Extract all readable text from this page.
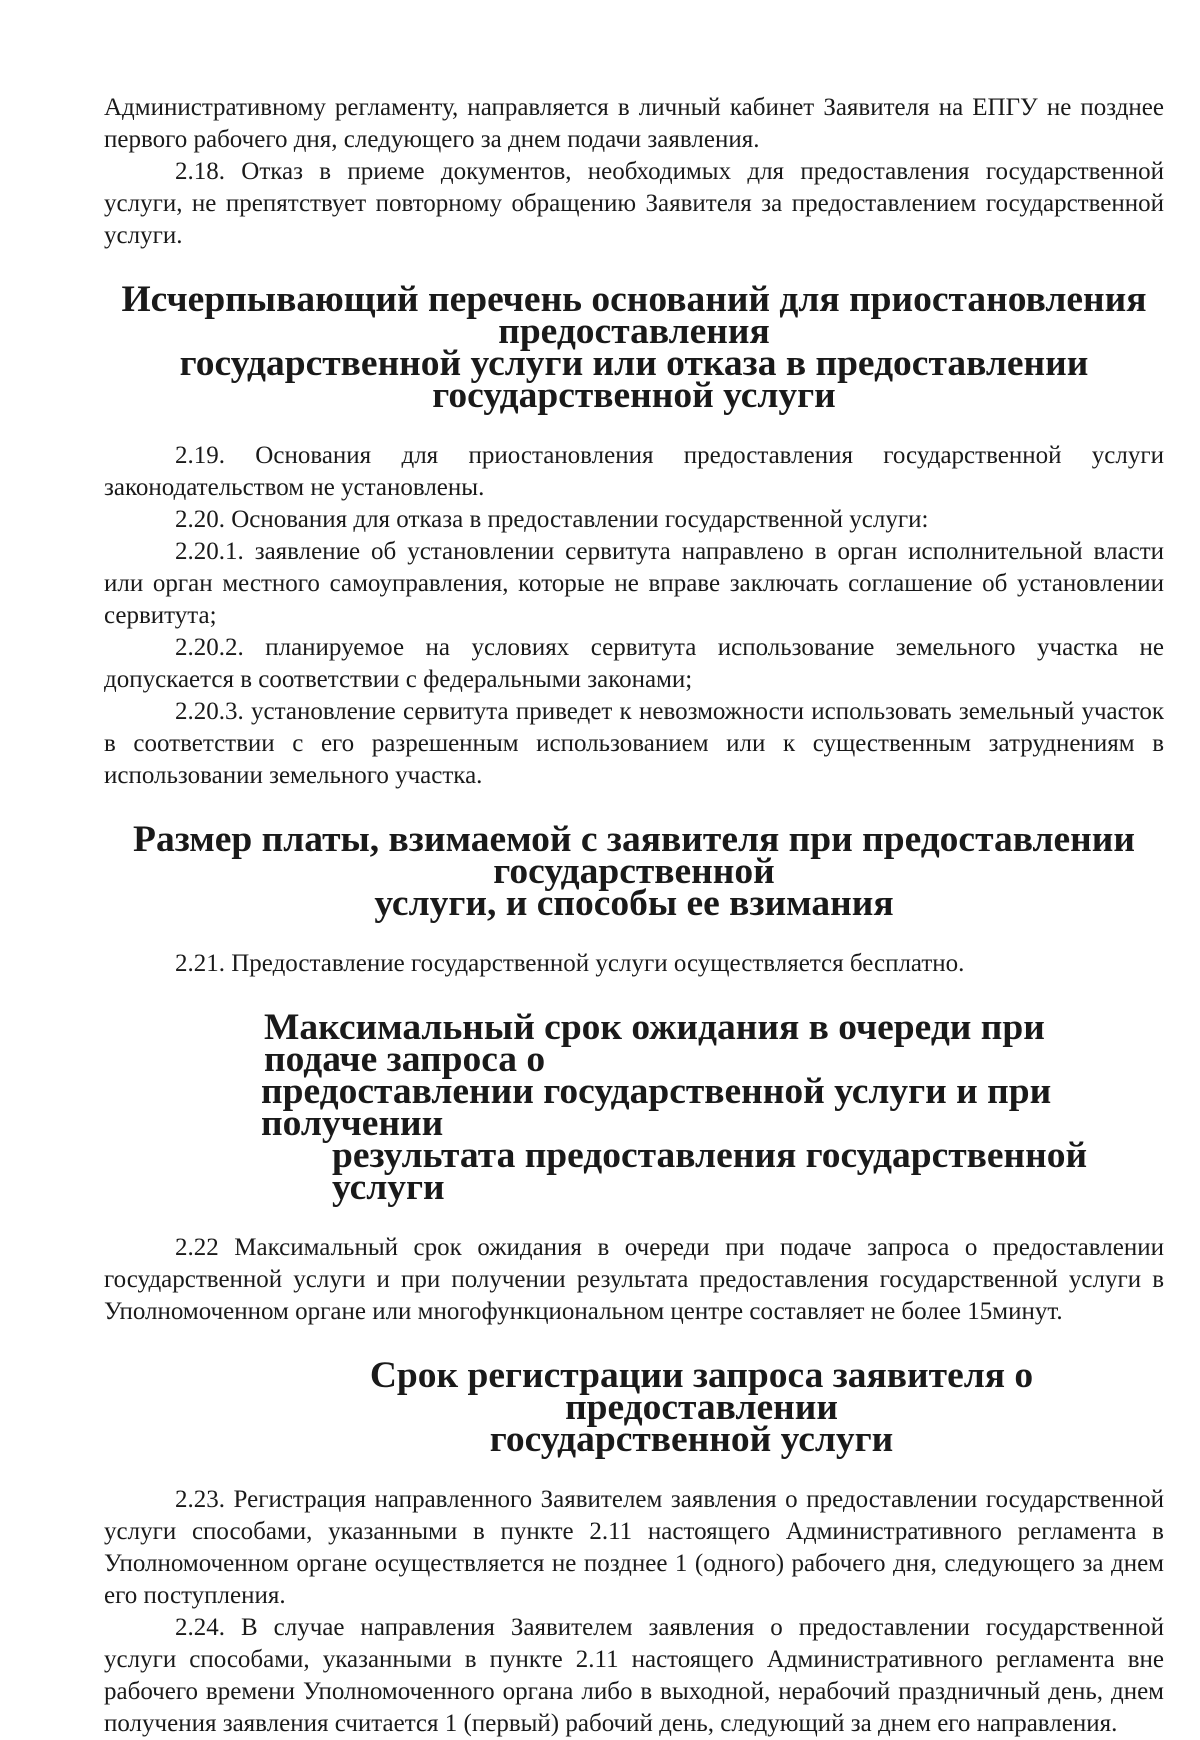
Административному регламенту, направляется в личный кабинет Заявителя на ЕПГУ не позднее первого рабочего дня, следующего за днем подачи заявления.

2.18. Отказ в приеме документов, необходимых для предоставления государственной услуги, не препятствует повторному обращению Заявителя за предоставлением государственной услуги.

Исчерпывающий перечень оснований для приостановления предоставления
государственной услуги или отказа в предоставлении государственной услуги

2.19. Основания для приостановления предоставления государственной услуги законодательством не установлены.

2.20. Основания для отказа в предоставлении государственной услуги:

2.20.1. заявление об установлении сервитута направлено в орган исполнительной власти или орган местного самоуправления, которые не вправе заключать соглашение об установлении сервитута;

2.20.2. планируемое на условиях сервитута использование земельного участка не допускается в соответствии с федеральными законами;

2.20.3. установление сервитута приведет к невозможности использовать земельный участок в соответствии с его разрешенным использованием или к существенным затруднениям в использовании земельного участка.

Размер платы, взимаемой с заявителя при предоставлении государственной
услуги, и способы ее взимания

2.21. Предоставление государственной услуги осуществляется бесплатно.

Максимальный срок ожидания в очереди при подаче запроса о
предоставлении государственной услуги и при получении
результата предоставления государственной услуги

2.22 Максимальный срок ожидания в очереди при подаче запроса о предоставлении государственной услуги и при получении результата предоставления государственной услуги в Уполномоченном органе или многофункциональном центре составляет не более 15минут.

Срок регистрации запроса заявителя о предоставлении
государственной услуги

2.23. Регистрация направленного Заявителем заявления о предоставлении государственной услуги способами, указанными в пункте 2.11 настоящего Административного регламента в Уполномоченном органе осуществляется не позднее 1 (одного) рабочего дня, следующего за днем его поступления.

2.24. В случае направления Заявителем заявления о предоставлении государственной услуги способами, указанными в пункте 2.11 настоящего Административного регламента вне рабочего времени Уполномоченного органа либо в выходной, нерабочий праздничный день, днем получения заявления считается 1 (первый) рабочий день, следующий за днем его направления.
